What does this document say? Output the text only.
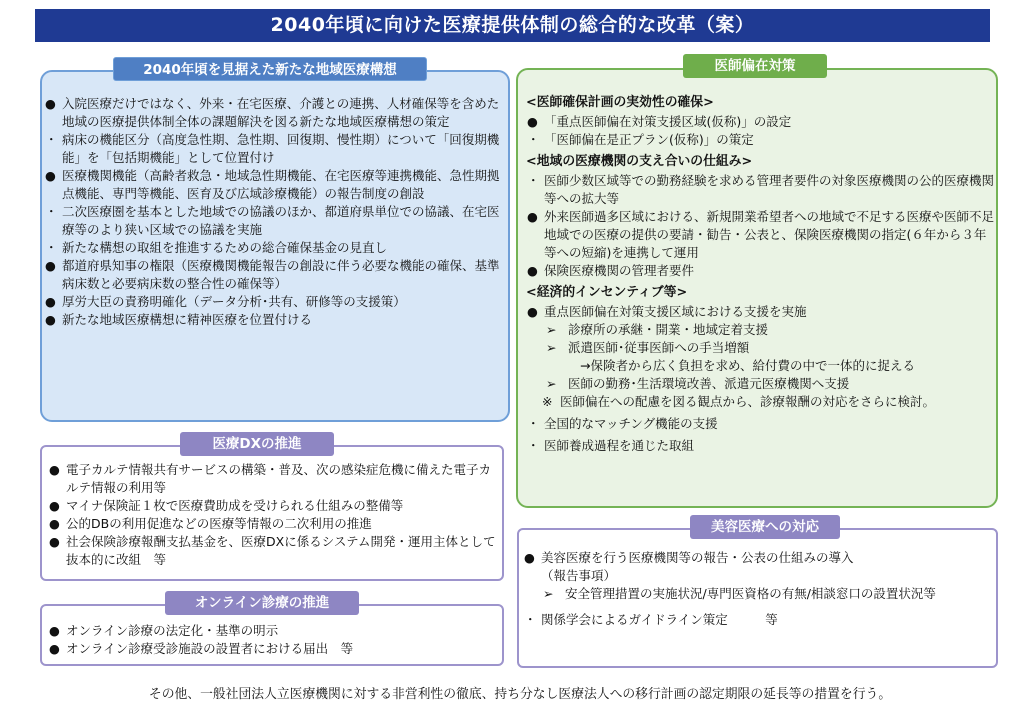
2040年頃に向けた医療提供体制の総合的な改革（案）
2040年頃を見据えた新たな地域医療構想
● 入院医療だけではなく、外来・在宅医療、介護との連携、人材確保等を含めた地域の医療提供体制全体の課題解決を図る新たな地域医療構想の策定
・ 病床の機能区分（高度急性期、急性期、回復期、慢性期）について「回復期機能」を「包括期機能」として位置付け
● 医療機関機能（高齢者救急・地域急性期機能、在宅医療等連携機能、急性期拠点機能、専門等機能、医育及び広域診療機能）の報告制度の創設
・ 二次医療圏を基本とした地域での協議のほか、都道府県単位での協議、在宅医療等のより狭い区域での協議を実施
・ 新たな構想の取組を推進するための総合確保基金の見直し
● 都道府県知事の権限（医療機関機能報告の創設に伴う必要な機能の確保、基準病床数と必要病床数の整合性の確保等）
● 厚労大臣の責務明確化（データ分析･共有、研修等の支援策）
● 新たな地域医療構想に精神医療を位置付ける
医師偏在対策
<医師確保計画の実効性の確保>
● 「重点医師偏在対策支援区域(仮称)」の設定
・ 「医師偏在是正プラン(仮称)」の策定
<地域の医療機関の支え合いの仕組み>
・ 医師少数区域等での勤務経験を求める管理者要件の対象医療機関の公的医療機関等への拡大等
● 外来医師過多区域における、新規開業希望者への地域で不足する医療や医師不足地域での医療の提供の要請・勧告・公表と、保険医療機関の指定(６年から３年等への短縮)を連携して運用
● 保険医療機関の管理者要件
<経済的インセンティブ等>
● 重点医師偏在対策支援区域における支援を実施
➢ 診療所の承継・開業・地域定着支援
➢ 派遣医師･従事医師への手当増額
→保険者から広く負担を求め、給付費の中で一体的に捉える
➢ 医師の勤務･生活環境改善、派遣元医療機関へ支援
※ 医師偏在への配慮を図る観点から、診療報酬の対応をさらに検討。
・ 全国的なマッチング機能の支援
・ 医師養成過程を通じた取組
医療DXの推進
● 電子カルテ情報共有サービスの構築・普及、次の感染症危機に備えた電子カルテ情報の利用等
● マイナ保険証１枚で医療費助成を受けられる仕組みの整備等
● 公的DBの利用促進などの医療等情報の二次利用の推進
● 社会保険診療報酬支払基金を、医療DXに係るシステム開発・運用主体として抜本的に改組　等
オンライン診療の推進
● オンライン診療の法定化・基準の明示
● オンライン診療受診施設の設置者における届出　等
美容医療への対応
● 美容医療を行う医療機関等の報告・公表の仕組みの導入
（報告事項）
➢ 安全管理措置の実施状況/専門医資格の有無/相談窓口の設置状況等
・ 関係学会によるガイドライン策定　　　等
その他、一般社団法人立医療機関に対する非営利性の徹底、持ち分なし医療法人への移行計画の認定期限の延長等の措置を行う。
